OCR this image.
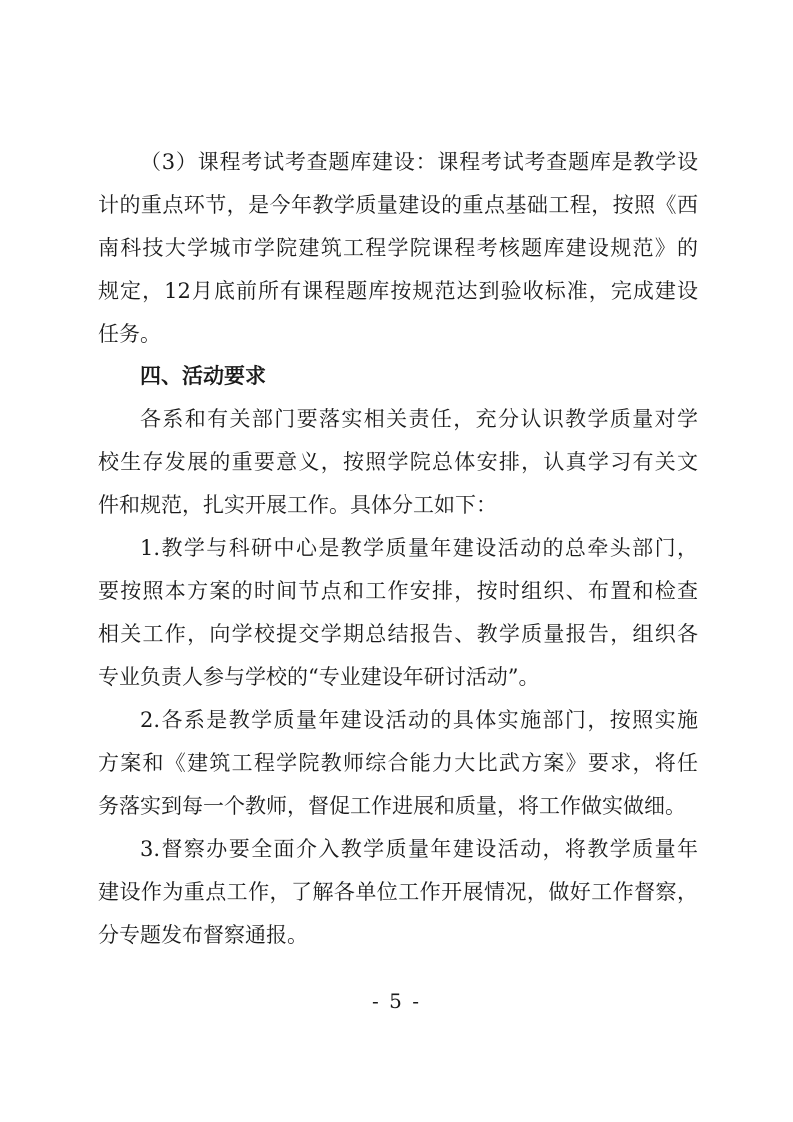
（3）课程考试考查题库建设：课程考试考查题库是教学设
计的重点环节，是今年教学质量建设的重点基础工程，按照《西
南科技大学城市学院建筑工程学院课程考核题库建设规范》的
规定，12月底前所有课程题库按规范达到验收标准，完成建设
任务。
四、活动要求
各系和有关部门要落实相关责任，充分认识教学质量对学
校生存发展的重要意义，按照学院总体安排，认真学习有关文
件和规范，扎实开展工作。具体分工如下：
1.教学与科研中心是教学质量年建设活动的总牵头部门，
要按照本方案的时间节点和工作安排，按时组织、布置和检查
相关工作，向学校提交学期总结报告、教学质量报告，组织各
专业负责人参与学校的“专业建设年研讨活动”。
2.各系是教学质量年建设活动的具体实施部门，按照实施
方案和《建筑工程学院教师综合能力大比武方案》要求，将任
务落实到每一个教师，督促工作进展和质量，将工作做实做细。
3.督察办要全面介入教学质量年建设活动，将教学质量年
建设作为重点工作，了解各单位工作开展情况，做好工作督察，
分专题发布督察通报。
- 5 -
